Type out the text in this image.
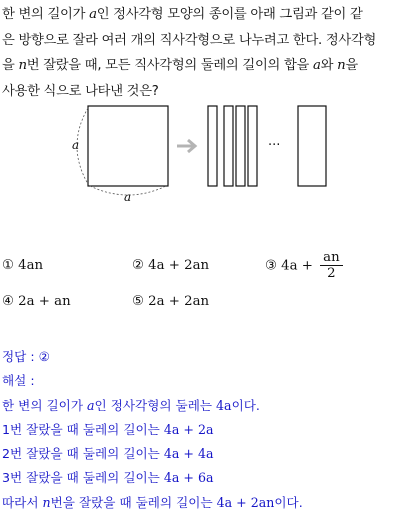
한 변의 길이가 a인 정사각형 모양의 종이를 아래 그림과 같이 같
은 방향으로 잘라 여러 개의 직사각형으로 나누려고 한다. 정사각형
을 n번 잘랐을 때, 모든 직사각형의 둘레의 길이의 합을 a와 n을
사용한 식으로 나타낸 것은?
a
a
···
① 4an	② 4a + 2an	③ $4a + \frac{an}{2}$
④ 2a + an	⑤ 2a + 2an
정답 : ②
해설 :
한 변의 길이가 a인 정사각형의 둘레는 4a이다.
1번 잘랐을 때 둘레의 길이는 4a + 2a
2번 잘랐을 때 둘레의 길이는 4a + 4a
3번 잘랐을 때 둘레의 길이는 4a + 6a
따라서 n번을 잘랐을 때 둘레의 길이는 4a + 2an이다.
